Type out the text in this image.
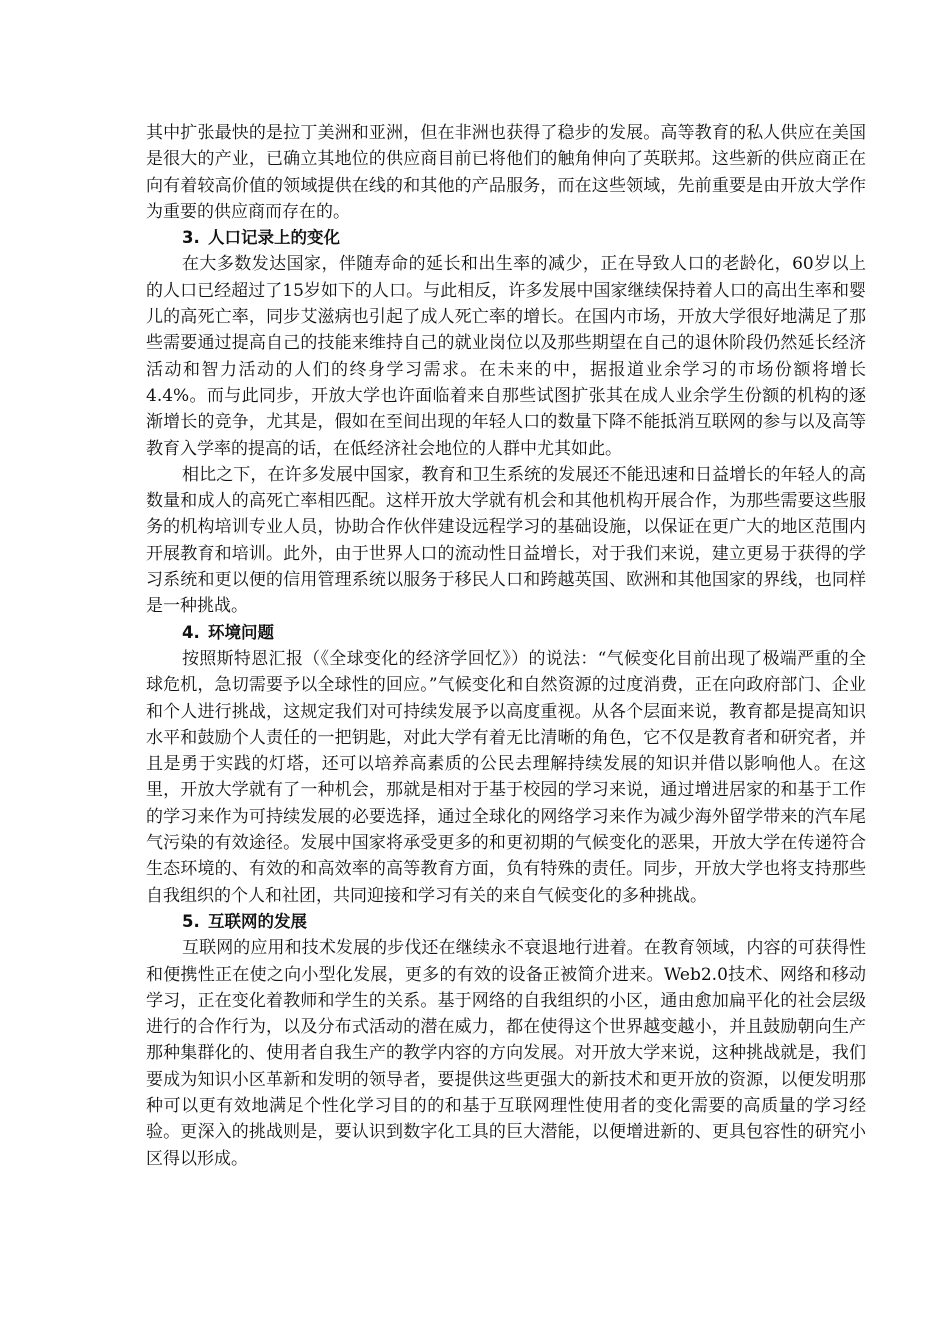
其中扩张最快的是拉丁美洲和亚洲，但在非洲也获得了稳步的发展。高等教育的私人供应在美国是很大的产业，已确立其地位的供应商目前已将他们的触角伸向了英联邦。这些新的供应商正在向有着较高价值的领域提供在线的和其他的产品服务，而在这些领域，先前重要是由开放大学作为重要的供应商而存在的。

3. 人口记录上的变化

在大多数发达国家，伴随寿命的延长和出生率的减少，正在导致人口的老龄化，60岁以上的人口已经超过了15岁如下的人口。与此相反，许多发展中国家继续保持着人口的高出生率和婴儿的高死亡率，同步艾滋病也引起了成人死亡率的增长。在国内市场，开放大学很好地满足了那些需要通过提高自己的技能来维持自己的就业岗位以及那些期望在自己的退休阶段仍然延长经济活动和智力活动的人们的终身学习需求。在未来的中，据报道业余学习的市场份额将增长4.4%。而与此同步，开放大学也许面临着来自那些试图扩张其在成人业余学生份额的机构的逐渐增长的竞争，尤其是，假如在至间出现的年轻人口的数量下降不能抵消互联网的参与以及高等教育入学率的提高的话，在低经济社会地位的人群中尤其如此。

相比之下，在许多发展中国家，教育和卫生系统的发展还不能迅速和日益增长的年轻人的高数量和成人的高死亡率相匹配。这样开放大学就有机会和其他机构开展合作，为那些需要这些服务的机构培训专业人员，协助合作伙伴建设远程学习的基础设施，以保证在更广大的地区范围内开展教育和培训。此外，由于世界人口的流动性日益增长，对于我们来说，建立更易于获得的学习系统和更以便的信用管理系统以服务于移民人口和跨越英国、欧洲和其他国家的界线，也同样是一种挑战。

4. 环境问题

按照斯特恩汇报（《全球变化的经济学回忆》）的说法：“气候变化目前出现了极端严重的全球危机，急切需要予以全球性的回应。”气候变化和自然资源的过度消费，正在向政府部门、企业和个人进行挑战，这规定我们对可持续发展予以高度重视。从各个层面来说，教育都是提高知识水平和鼓励个人责任的一把钥匙，对此大学有着无比清晰的角色，它不仅是教育者和研究者，并且是勇于实践的灯塔，还可以培养高素质的公民去理解持续发展的知识并借以影响他人。在这里，开放大学就有了一种机会，那就是相对于基于校园的学习来说，通过增进居家的和基于工作的学习来作为可持续发展的必要选择，通过全球化的网络学习来作为减少海外留学带来的汽车尾气污染的有效途径。发展中国家将承受更多的和更初期的气候变化的恶果，开放大学在传递符合生态环境的、有效的和高效率的高等教育方面，负有特殊的责任。同步，开放大学也将支持那些自我组织的个人和社团，共同迎接和学习有关的来自气候变化的多种挑战。

5. 互联网的发展

互联网的应用和技术发展的步伐还在继续永不衰退地行进着。在教育领域，内容的可获得性和便携性正在使之向小型化发展，更多的有效的设备正被简介进来。Web2.0技术、网络和移动学习，正在变化着教师和学生的关系。基于网络的自我组织的小区，通由愈加扁平化的社会层级进行的合作行为，以及分布式活动的潜在威力，都在使得这个世界越变越小，并且鼓励朝向生产那种集群化的、使用者自我生产的教学内容的方向发展。对开放大学来说，这种挑战就是，我们要成为知识小区革新和发明的领导者，要提供这些更强大的新技术和更开放的资源，以便发明那种可以更有效地满足个性化学习目的的和基于互联网理性使用者的变化需要的高质量的学习经验。更深入的挑战则是，要认识到数字化工具的巨大潜能，以便增进新的、更具包容性的研究小区得以形成。
